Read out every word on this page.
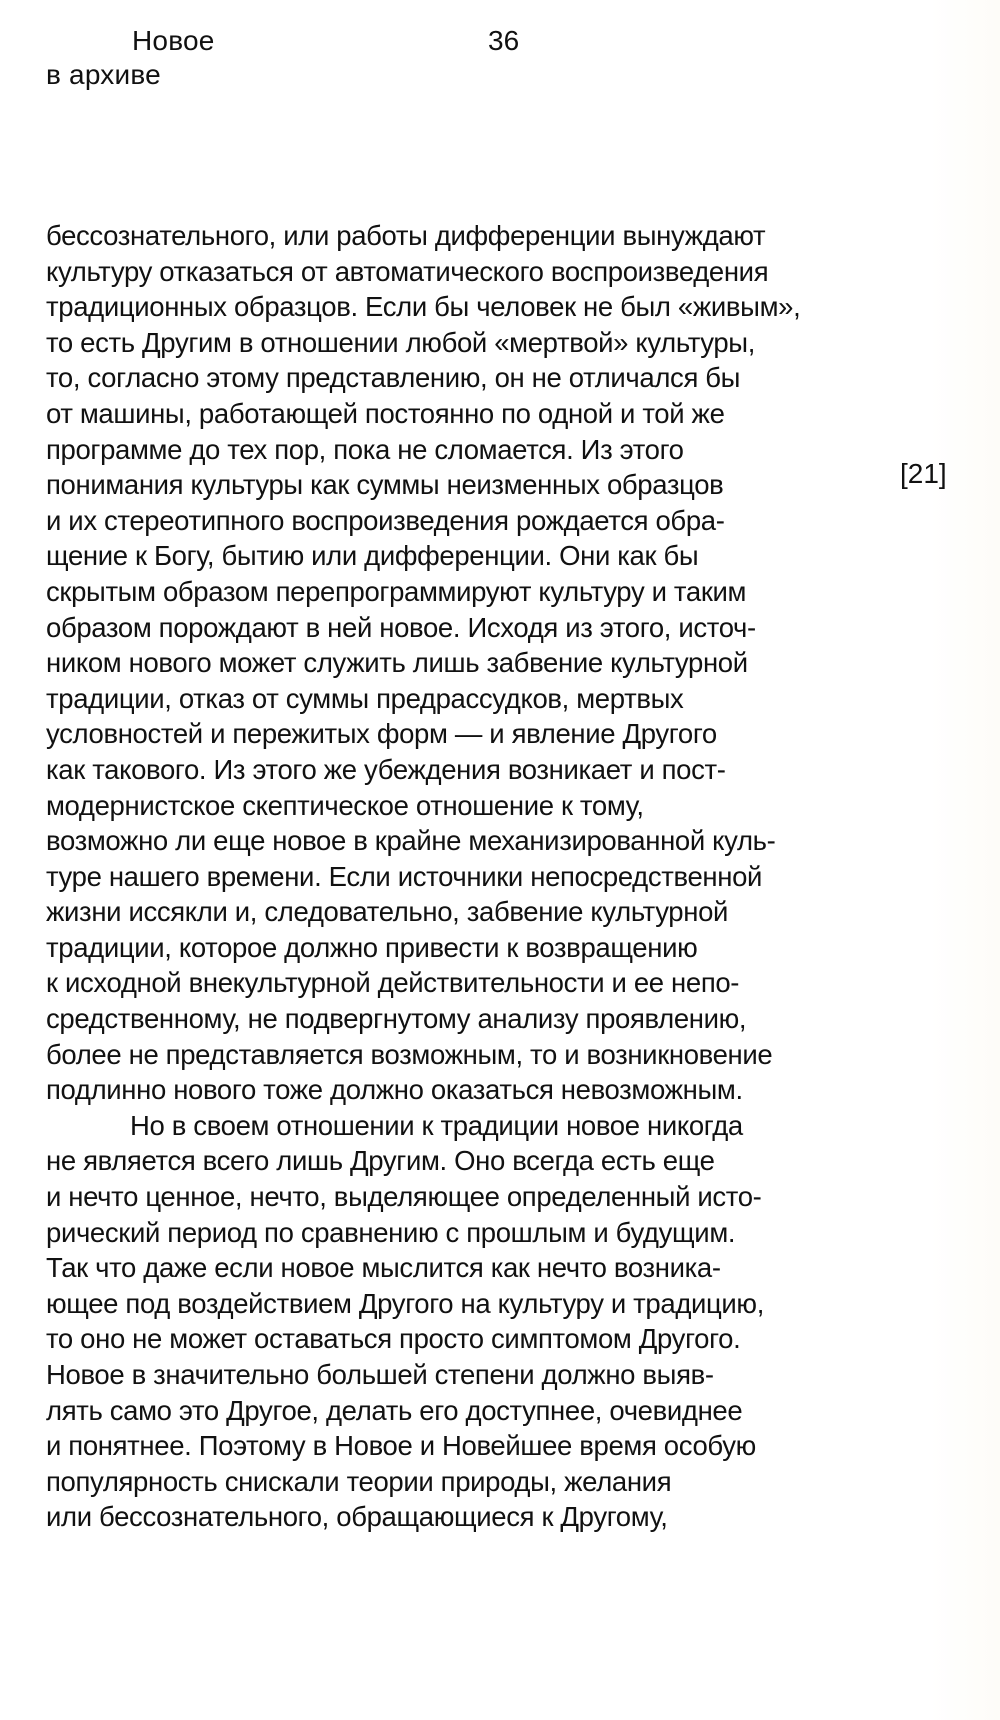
Новое
в архиве
36
[21]
бессознательного, или работы дифференции вынуждают
культуру отказаться от автоматического воспроизведения
традиционных образцов. Если бы человек не был «живым»,
то есть Другим в отношении любой «мертвой» культуры,
то, согласно этому представлению, он не отличался бы
от машины, работающей постоянно по одной и той же
программе до тех пор, пока не сломается. Из этого
понимания культуры как суммы неизменных образцов
и их стереотипного воспроизведения рождается обра-
щение к Богу, бытию или дифференции. Они как бы
скрытым образом перепрограммируют культуру и таким
образом порождают в ней новое. Исходя из этого, источ-
ником нового может служить лишь забвение культурной
традиции, отказ от суммы предрассудков, мертвых
условностей и пережитых форм — и явление Другого
как такового. Из этого же убеждения возникает и пост-
модернистское скептическое отношение к тому,
возможно ли еще новое в крайне механизированной куль-
туре нашего времени. Если источники непосредственной
жизни иссякли и, следовательно, забвение культурной
традиции, которое должно привести к возвращению
к исходной внекультурной действительности и ее непо-
средственному, не подвергнутому анализу проявлению,
более не представляется возможным, то и возникновение
подлинно нового тоже должно оказаться невозможным.
Но в своем отношении к традиции новое никогда
не является всего лишь Другим. Оно всегда есть еще
и нечто ценное, нечто, выделяющее определенный исто-
рический период по сравнению с прошлым и будущим.
Так что даже если новое мыслится как нечто возника-
ющее под воздействием Другого на культуру и традицию,
то оно не может оставаться просто симптомом Другого.
Новое в значительно большей степени должно выяв-
лять само это Другое, делать его доступнее, очевиднее
и понятнее. Поэтому в Новое и Новейшее время особую
популярность снискали теории природы, желания
или бессознательного, обращающиеся к Другому,
